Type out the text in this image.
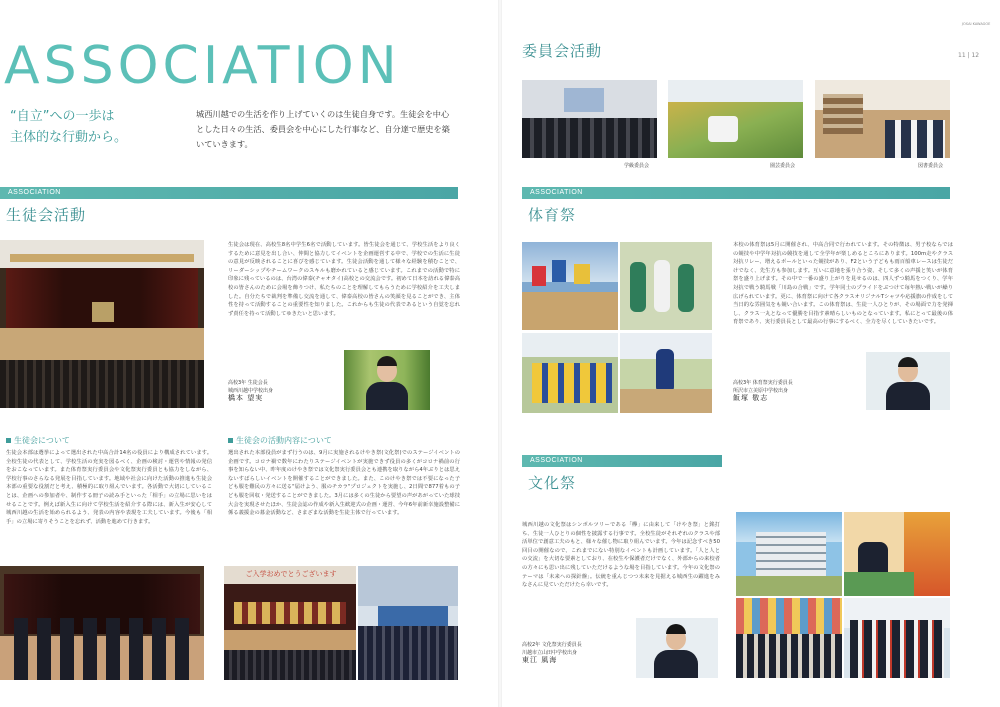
ASSOCIATION
“自立”への一歩は
主体的な行動から。
城西川越での生活を作り上げていくのは生徒自身です。生徒会を中心とした日々の生活、委員会を中心にした行事など、自分達で歴史を築いていきます。
ASSOCIATION
生徒会活動
生徒会は現在、高校生8名中学生6名で活動しています。皆生徒会を通じて、学校生活をより良くするために意見を出し合い、仲間と協力してイベントを企画運営する中で、学校での生活に生徒の意見が反映されることに喜びを感じています。生徒会活動を通して様々な経験を積むことで、リーダーシップやチームワークのスキルも磨かれていると感じています。これまでの活動で特に印象に残っているのは、台湾の偉泰(チャオタイ)高校との交流会です。初めて日本を訪れる偉泰高校の皆さんのために会場を飾りつけ、私たちのことを理解してもらうために学校紹介を工夫しました。自分たちで裁判を準備し交流を通して、偉泰高校の皆さんの笑顔を見ることができ、主体性を持って活動することの重要性を知りました。これからも生徒の代表であるという自覚を忘れず責任を持って活動してゆきたいと思います。
高校3年 生徒会長
城西川越中学校出身
橋本 望実
生徒会について
生徒会本部は選挙によって選出された中高合計14名の役員により構成されています。全校生徒の代表として、学校生活の充実を図るべく、企画の検討・運営や情報の発信をおこなっています。また体育祭実行委員会や文化祭実行委員とも協力をしながら、学校行事のさらなる発展を目指しています。地域や社会に向けた活動の推進も生徒会本部の重要な役割だと考え、積極的に取り組んでいます。各活動で大切にしていることは、企画への参加者や、制作する冊子の読み手といった「相手」の立場に思いをはせることです。例えば新入生に向けて学校生活を紹介する際には、新入生が安心して城西川越の生活を始められるよう、発表の内容や表現を工夫しています。今後も「相手」の立場に寄りそうことを忘れず、活動を進めて行きます。
生徒会の活動内容について
選出された本部役員がまず行うのは、9月に実施されるけやき祭(文化祭)でのステージイベントの企画です。コロナ禍で数年にわたりステージイベントが実施できず役員の多くがコロナ禍前の行事を知らない中、昨年度のけやき祭では文化祭実行委員会とも連携を取りながら4年ぶりとは思えないすばらしいイベントを開催することができました。また、このけやき祭では不要になった子ども服を難民の方々に送る"届けよう、服のチカラ"プロジェクトを実施し、2日間で877着もの子ども服を回収・発送することができました。3月には多くの生徒から要望の声があがっていた球技大会を実現させたほか、生徒会誌の作成や新入生歓迎式の企画・運営、今年6年前新幸施設整備に係る義援金の募金活動など、さまざまな活動を生徒主体で行っています。
ご入学おめでとうございます
JOSAI KAWAGOE
11 | 12
委員会活動
学級委員会	園芸委員会	図書委員会
ASSOCIATION
体育祭
本校の体育祭は5月に開催され、中高合同で行われています。その特徴は、男子校ならではの競技や中学年対抗の競技を通して全学年が楽しめるところにあります。100m走やクラス対抗リレー、増えるボールといった競技があり、F2という子どもも雨百船車レースは生徒だけでなく、先生方も参加します。互いに意地を張り合う姿、そして多くの声援と笑いが体育祭を盛り上げます。その中で一番の盛り上がりを見せるのは、四人ずつ騎馬をつくり、学年対抗で戦う騎馬戦「川島の合戦」です。学年同士のプライドをぶつけて毎年熱い戦いが繰り広げられています。更に、体育祭に向けて各クラスオリジナルTシャツや応援旗の作成をして当日的な雰囲気をも競い合います。この体育祭は、生徒一人ひとりが、その場面で力を発揮し、クラス一丸となって優勝を目指す素晴らしいものとなっています。私にとって最後の体育祭であり、実行委員長として最高の行事にするべく、全力を尽くしていきたいです。
高校3年 体育祭実行委員長
所沢市立美原中学校出身
飯塚 敬志
ASSOCIATION
文化祭
城西川越の文化祭はシンボルツリーである「欅」に由来して「けやき祭」と銘打ち、生徒一人ひとりの個性を披露する行事です。全校生徒がそれぞれのクラスや部活単位で創意工夫のもと、様々な催し物に取り組んでいます。今年は記念すべき50回目の開催なので、これまでにない特別なイベントも計画しています。「人と人との交流」を大切な要素としており、在校生や保護者だけでなく、外部からの来校者の方々にも思い出に残していただけるような場を目指しています。今年の文化祭のテーマは「未来への探針盤」。伝統を重んじつつ未来を見据える城西生の躍進をみなさんに見ていただけたら幸いです。
高校2年 文化祭実行委員長
川越市立山田中学校出身
東江 風海
